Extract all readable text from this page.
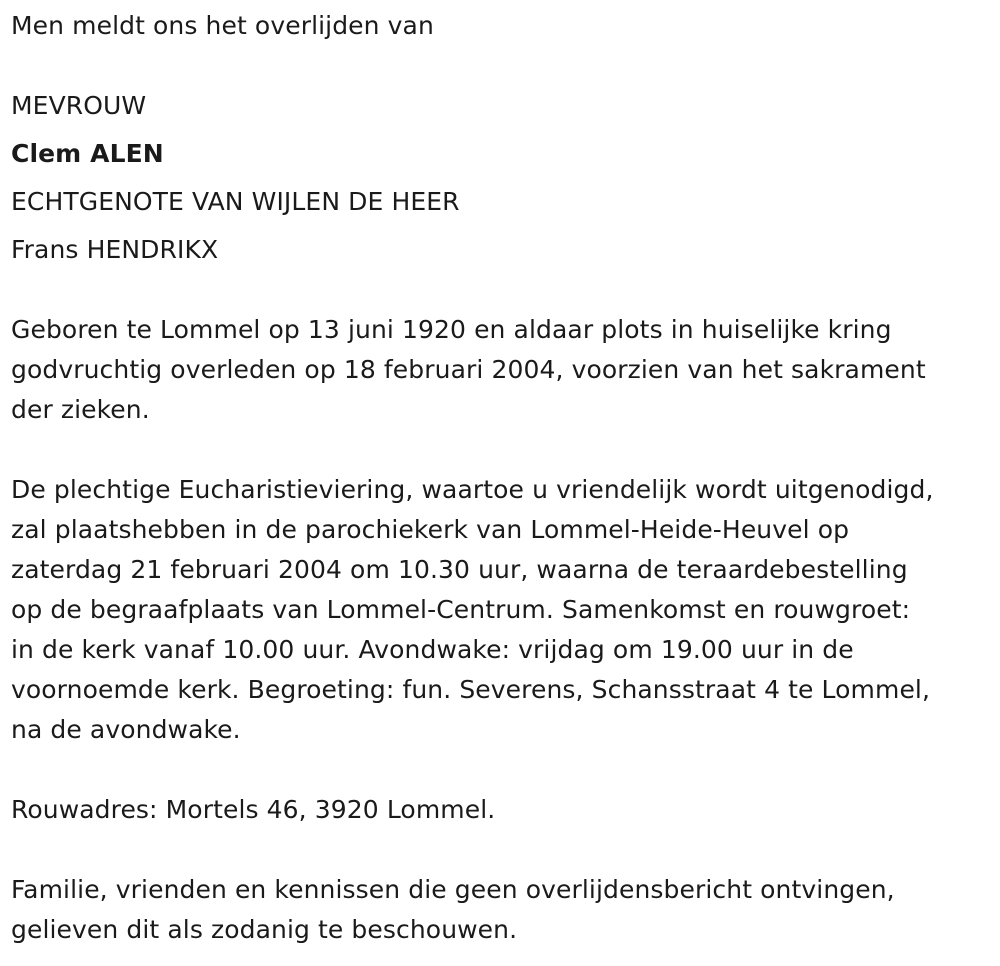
Men meldt ons het overlijden van
MEVROUW
Clem ALEN
ECHTGENOTE VAN WIJLEN DE HEER
Frans HENDRIKX
Geboren te Lommel op 13 juni 1920 en aldaar plots in huiselijke kring
godvruchtig overleden op 18 februari 2004, voorzien van het sakrament
der zieken.
De plechtige Eucharistieviering, waartoe u vriendelijk wordt uitgenodigd,
zal plaatshebben in de parochiekerk van Lommel-Heide-Heuvel op
zaterdag 21 februari 2004 om 10.30 uur, waarna de teraardebestelling
op de begraafplaats van Lommel-Centrum. Samenkomst en rouwgroet:
in de kerk vanaf 10.00 uur. Avondwake: vrijdag om 19.00 uur in de
voornoemde kerk. Begroeting: fun. Severens, Schansstraat 4 te Lommel,
na de avondwake.
Rouwadres: Mortels 46, 3920 Lommel.
Familie, vrienden en kennissen die geen overlijdensbericht ontvingen,
gelieven dit als zodanig te beschouwen.
